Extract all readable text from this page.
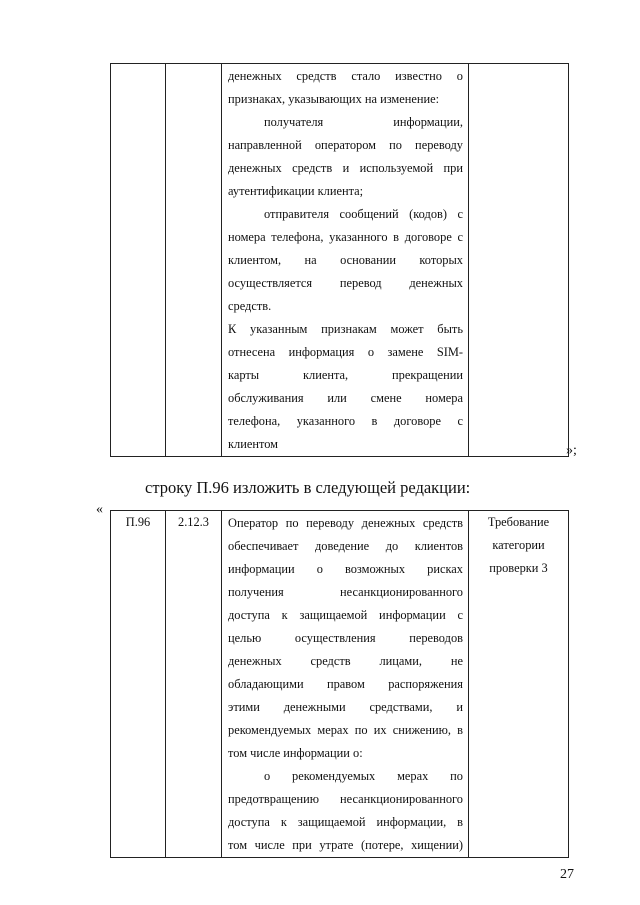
денежных средств стало известно о

признаках, указывающих на изменение:

получателя информации,

направленной оператором по переводу

денежных средств и используемой при

аутентификации клиента;

отправителя сообщений (кодов) с

номера телефона, указанного в договоре с

клиентом, на основании которых

осуществляется перевод денежных

средств.

К указанным признакам может быть

отнесена информация о замене SIM-

карты клиента, прекращении

обслуживания или смене номера

телефона, указанного в договоре с

клиентом

		»;
строку П.96 изложить в следующей редакции:
«
П.96	2.12.3	Оператор по переводу денежных средств

обеспечивает доведение до клиентов

информации о возможных рисках

получения несанкционированного

доступа к защищаемой информации с

целью осуществления переводов

денежных средств лицами, не

обладающими правом распоряжения

этими денежными средствами, и

рекомендуемых мерах по их снижению, в

том числе информации о:

о рекомендуемых мерах по

предотвращению несанкционированного

доступа к защищаемой информации, в

том числе при утрате (потере, хищении)

	Требование категории проверки 3
27
